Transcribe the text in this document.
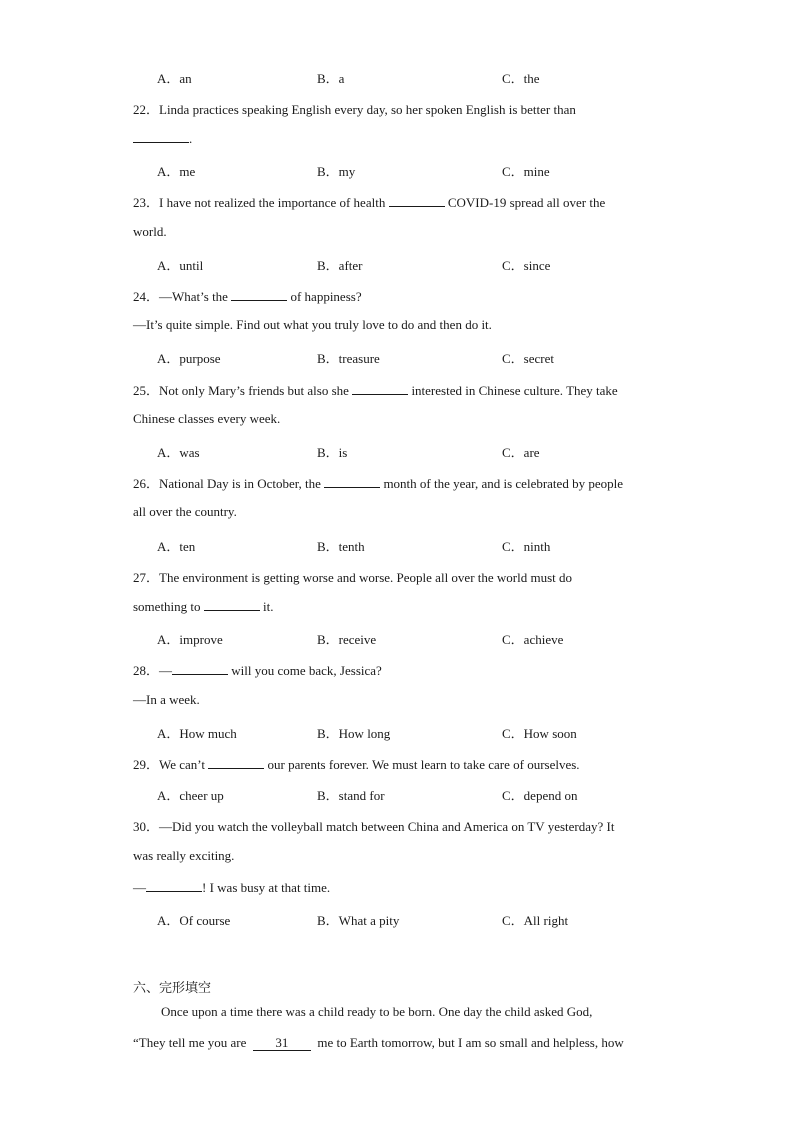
A．an	B．a	C．the
22．Linda practices speaking English every day, so her spoken English is better than
.
A．me	B．my	C．mine
23．I have not realized the importance of health	COVID-19 spread all over the
world.
A．until	B．after	C．since
24．—What’s the	of happiness?
—It’s quite simple. Find out what you truly love to do and then do it.
A．purpose	B．treasure	C．secret
25．Not only Mary’s friends but also she	interested in Chinese culture. They take
Chinese classes every week.
A．was	B．is	C．are
26．National Day is in October, the	month of the year, and is celebrated by people
all over the country.
A．ten	B．tenth	C．ninth
27．The environment is getting worse and worse. People all over the world must do
something to	it.
A．improve	B．receive	C．achieve
28．—	will you come back, Jessica?
—In a week.
A．How much	B．How long	C．How soon
29．We can’t	our parents forever. We must learn to take care of ourselves.
A．cheer up	B．stand for	C．depend on
30．—Did you watch the volleyball match between China and America on TV yesterday? It
was really exciting.
—	! I was busy at that time.
A．Of course	B．What a pity	C．All right
六、完形填空
Once upon a time there was a child ready to be born. One day the child asked God,
“They tell me you are 31 me to Earth tomorrow, but I am so small and helpless, how
